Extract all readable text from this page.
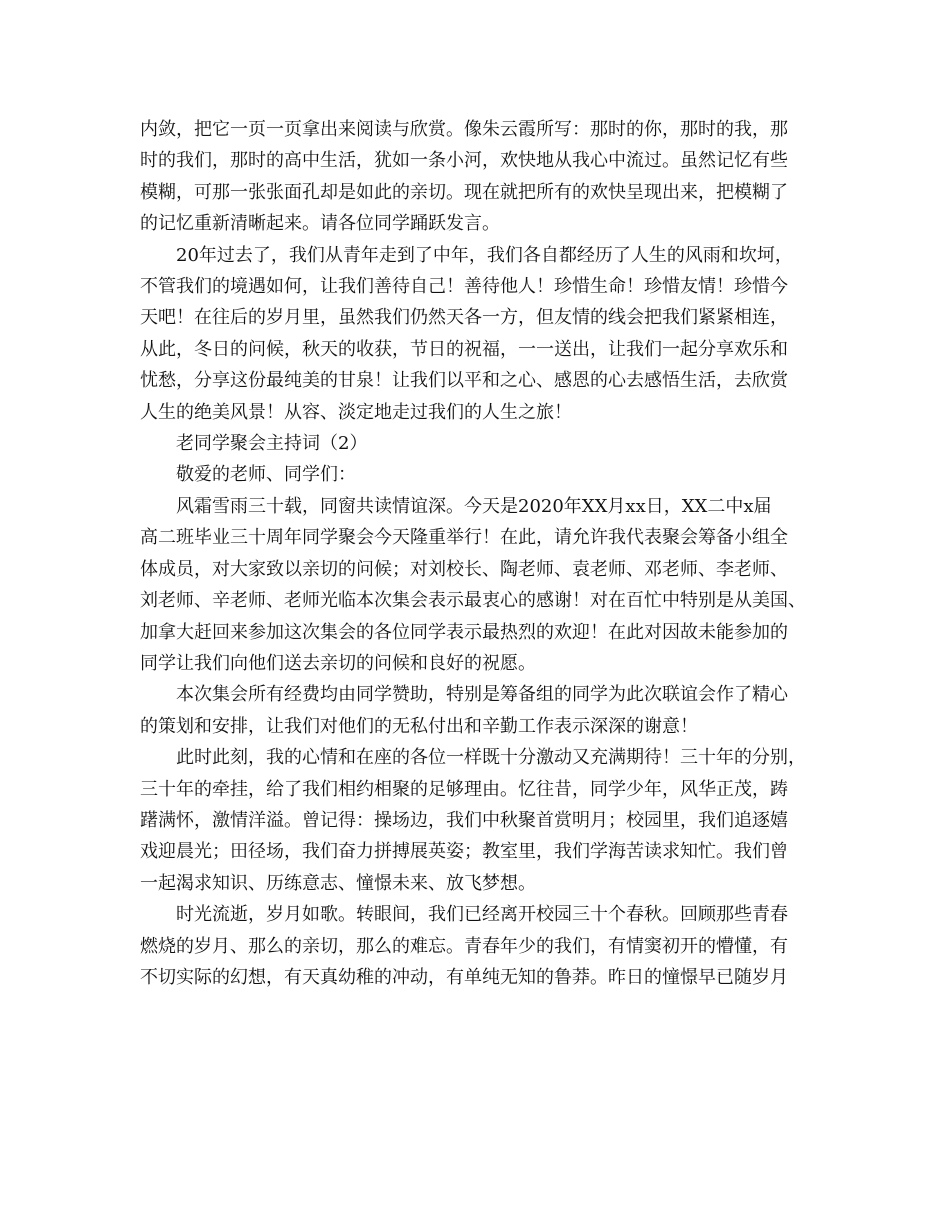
内敛，把它一页一页拿出来阅读与欣赏。像朱云霞所写：那时的你，那时的我，那
时的我们，那时的高中生活，犹如一条小河，欢快地从我心中流过。虽然记忆有些
模糊，可那一张张面孔却是如此的亲切。现在就把所有的欢快呈现出来，把模糊了
的记忆重新清晰起来。请各位同学踊跃发言。

20年过去了，我们从青年走到了中年，我们各自都经历了人生的风雨和坎坷，
不管我们的境遇如何，让我们善待自己！善待他人！珍惜生命！珍惜友情！珍惜今
天吧！在往后的岁月里，虽然我们仍然天各一方，但友情的线会把我们紧紧相连，
从此，冬日的问候，秋天的收获，节日的祝福，一一送出，让我们一起分享欢乐和
忧愁，分享这份最纯美的甘泉！让我们以平和之心、感恩的心去感悟生活，去欣赏
人生的绝美风景！从容、淡定地走过我们的人生之旅！

老同学聚会主持词（2）

敬爱的老师、同学们：

风霜雪雨三十载，同窗共读情谊深。今天是2020年XX月xx日，XX二中x届
高二班毕业三十周年同学聚会今天隆重举行！在此，请允许我代表聚会筹备小组全
体成员，对大家致以亲切的问候；对刘校长、陶老师、袁老师、邓老师、李老师、
刘老师、辛老师、老师光临本次集会表示最衷心的感谢！对在百忙中特别是从美国、
加拿大赶回来参加这次集会的各位同学表示最热烈的欢迎！在此对因故未能参加的
同学让我们向他们送去亲切的问候和良好的祝愿。

本次集会所有经费均由同学赞助，特别是筹备组的同学为此次联谊会作了精心
的策划和安排，让我们对他们的无私付出和辛勤工作表示深深的谢意！

此时此刻，我的心情和在座的各位一样既十分激动又充满期待！三十年的分别，
三十年的牵挂，给了我们相约相聚的足够理由。忆往昔，同学少年，风华正茂，踌
躇满怀，激情洋溢。曾记得：操场边，我们中秋聚首赏明月；校园里，我们追逐嬉
戏迎晨光；田径场，我们奋力拼搏展英姿；教室里，我们学海苦读求知忙。我们曾
一起渴求知识、历练意志、憧憬未来、放飞梦想。

时光流逝，岁月如歌。转眼间，我们已经离开校园三十个春秋。回顾那些青春
燃烧的岁月、那么的亲切，那么的难忘。青春年少的我们，有情窦初开的懵懂，有
不切实际的幻想，有天真幼稚的冲动，有单纯无知的鲁莽。昨日的憧憬早已随岁月
